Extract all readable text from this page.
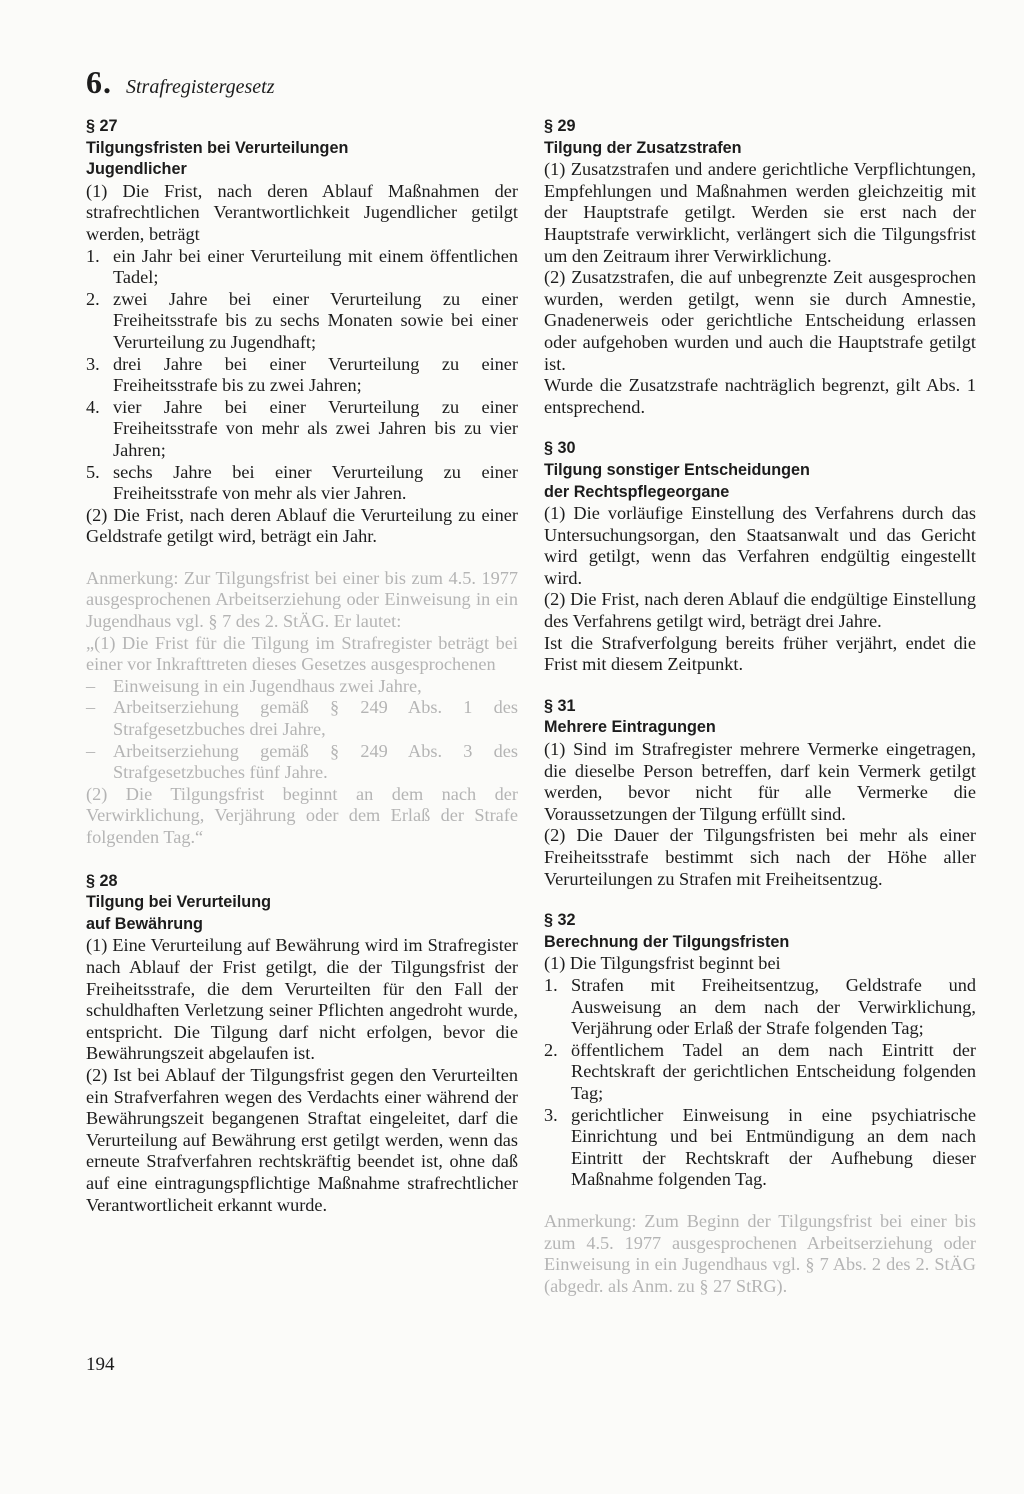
6. Strafregistergesetz
§ 27
Tilgungsfristen bei Verurteilungen
Jugendlicher
(1) Die Frist, nach deren Ablauf Maßnahmen der strafrechtlichen Verantwortlichkeit Jugendlicher getilgt werden, beträgt
1. ein Jahr bei einer Verurteilung mit einem öffentlichen Tadel;
2. zwei Jahre bei einer Verurteilung zu einer Freiheitsstrafe bis zu sechs Monaten sowie bei einer Verurteilung zu Jugendhaft;
3. drei Jahre bei einer Verurteilung zu einer Freiheitsstrafe bis zu zwei Jahren;
4. vier Jahre bei einer Verurteilung zu einer Freiheitsstrafe von mehr als zwei Jahren bis zu vier Jahren;
5. sechs Jahre bei einer Verurteilung zu einer Freiheitsstrafe von mehr als vier Jahren.
(2) Die Frist, nach deren Ablauf die Verurteilung zu einer Geldstrafe getilgt wird, beträgt ein Jahr.
Anmerkung: Zur Tilgungsfrist bei einer bis zum 4.5. 1977 ausgesprochenen Arbeitserziehung oder Einweisung in ein Jugendhaus vgl. § 7 des 2. StÄG. Er lautet:
„(1) Die Frist für die Tilgung im Strafregister beträgt bei einer vor Inkrafttreten dieses Gesetzes ausgesprochenen
– Einweisung in ein Jugendhaus zwei Jahre,
– Arbeitserziehung gemäß § 249 Abs. 1 des Strafgesetzbuches drei Jahre,
– Arbeitserziehung gemäß § 249 Abs. 3 des Strafgesetzbuches fünf Jahre.
(2) Die Tilgungsfrist beginnt an dem nach der Verwirklichung, Verjährung oder dem Erlaß der Strafe folgenden Tag.“
§ 28
Tilgung bei Verurteilung
auf Bewährung
(1) Eine Verurteilung auf Bewährung wird im Strafregister nach Ablauf der Frist getilgt, die der Tilgungsfrist der Freiheitsstrafe, die dem Verurteilten für den Fall der schuldhaften Verletzung seiner Pflichten angedroht wurde, entspricht. Die Tilgung darf nicht erfolgen, bevor die Bewährungszeit abgelaufen ist.
(2) Ist bei Ablauf der Tilgungsfrist gegen den Verurteilten ein Strafverfahren wegen des Verdachts einer während der Bewährungszeit begangenen Straftat eingeleitet, darf die Verurteilung auf Bewährung erst getilgt werden, wenn das erneute Strafverfahren rechtskräftig beendet ist, ohne daß auf eine eintragungspflichtige Maßnahme strafrechtlicher Verantwortlicheit erkannt wurde.
§ 29
Tilgung der Zusatzstrafen
(1) Zusatzstrafen und andere gerichtliche Verpflichtungen, Empfehlungen und Maßnahmen werden gleichzeitig mit der Hauptstrafe getilgt. Werden sie erst nach der Hauptstrafe verwirklicht, verlängert sich die Tilgungsfrist um den Zeitraum ihrer Verwirklichung.
(2) Zusatzstrafen, die auf unbegrenzte Zeit ausgesprochen wurden, werden getilgt, wenn sie durch Amnestie, Gnadenerweis oder gerichtliche Entscheidung erlassen oder aufgehoben wurden und auch die Hauptstrafe getilgt ist.
Wurde die Zusatzstrafe nachträglich begrenzt, gilt Abs. 1 entsprechend.
§ 30
Tilgung sonstiger Entscheidungen
der Rechtspflegeorgane
(1) Die vorläufige Einstellung des Verfahrens durch das Untersuchungsorgan, den Staatsanwalt und das Gericht wird getilgt, wenn das Verfahren endgültig eingestellt wird.
(2) Die Frist, nach deren Ablauf die endgültige Einstellung des Verfahrens getilgt wird, beträgt drei Jahre.
Ist die Strafverfolgung bereits früher verjährt, endet die Frist mit diesem Zeitpunkt.
§ 31
Mehrere Eintragungen
(1) Sind im Strafregister mehrere Vermerke eingetragen, die dieselbe Person betreffen, darf kein Vermerk getilgt werden, bevor nicht für alle Vermerke die Voraussetzungen der Tilgung erfüllt sind.
(2) Die Dauer der Tilgungsfristen bei mehr als einer Freiheitsstrafe bestimmt sich nach der Höhe aller Verurteilungen zu Strafen mit Freiheitsentzug.
§ 32
Berechnung der Tilgungsfristen
(1) Die Tilgungsfrist beginnt bei
1. Strafen mit Freiheitsentzug, Geldstrafe und Ausweisung an dem nach der Verwirklichung, Verjährung oder Erlaß der Strafe folgenden Tag;
2. öffentlichem Tadel an dem nach Eintritt der Rechtskraft der gerichtlichen Entscheidung folgenden Tag;
3. gerichtlicher Einweisung in eine psychiatrische Einrichtung und bei Entmündigung an dem nach Eintritt der Rechtskraft der Aufhebung dieser Maßnahme folgenden Tag.
Anmerkung: Zum Beginn der Tilgungsfrist bei einer bis zum 4.5. 1977 ausgesprochenen Arbeitserziehung oder Einweisung in ein Jugendhaus vgl. § 7 Abs. 2 des 2. StÄG (abgedr. als Anm. zu § 27 StRG).
194
